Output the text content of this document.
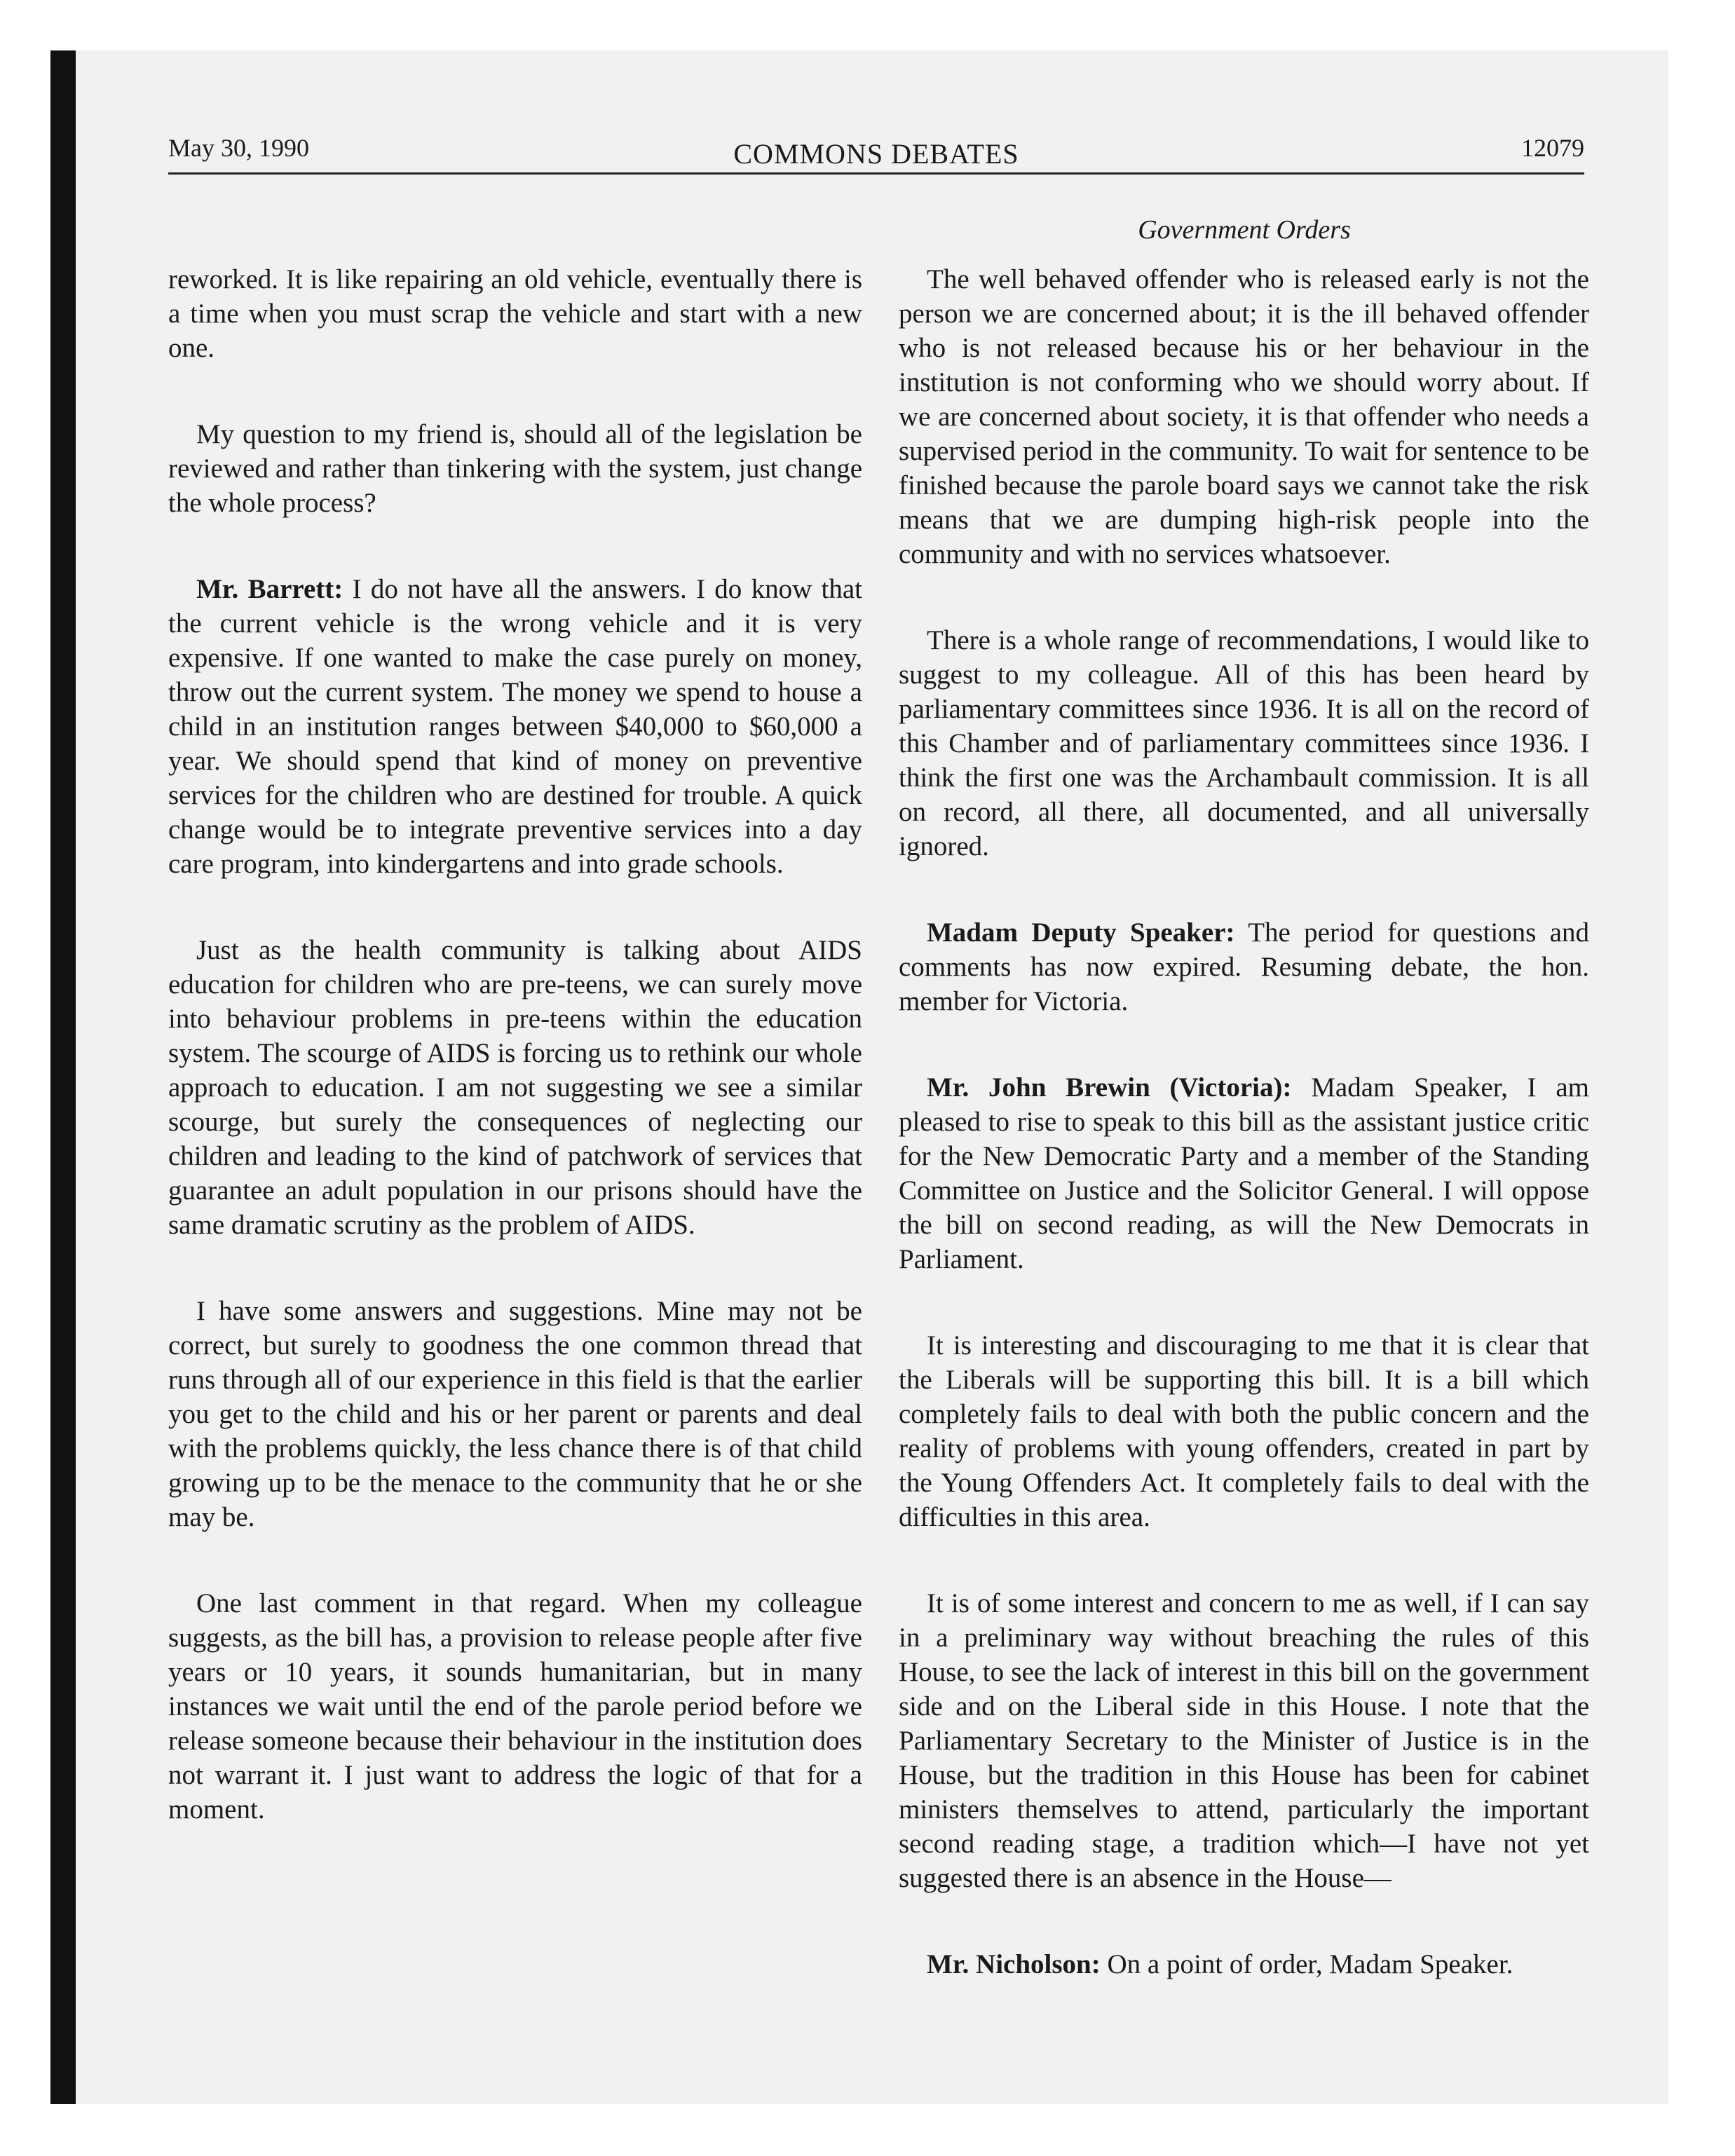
May 30, 1990	COMMONS DEBATES	12079
Government Orders

reworked. It is like repairing an old vehicle, eventually there is a time when you must scrap the vehicle and start with a new one.

My question to my friend is, should all of the legislation be reviewed and rather than tinkering with the system, just change the whole process?

Mr. Barrett: I do not have all the answers. I do know that the current vehicle is the wrong vehicle and it is very expensive. If one wanted to make the case purely on money, throw out the current system. The money we spend to house a child in an institution ranges between $40,000 to $60,000 a year. We should spend that kind of money on preventive services for the children who are destined for trouble. A quick change would be to integrate preventive services into a day care program, into kindergartens and into grade schools.

Just as the health community is talking about AIDS education for children who are pre-teens, we can surely move into behaviour problems in pre-teens within the education system. The scourge of AIDS is forcing us to rethink our whole approach to education. I am not suggesting we see a similar scourge, but surely the consequences of neglecting our children and leading to the kind of patchwork of services that guarantee an adult population in our prisons should have the same dramatic scrutiny as the problem of AIDS.

I have some answers and suggestions. Mine may not be correct, but surely to goodness the one common thread that runs through all of our experience in this field is that the earlier you get to the child and his or her parent or parents and deal with the problems quickly, the less chance there is of that child growing up to be the menace to the community that he or she may be.

One last comment in that regard. When my colleague suggests, as the bill has, a provision to release people after five years or 10 years, it sounds humanitarian, but in many instances we wait until the end of the parole period before we release someone because their behaviour in the institution does not warrant it. I just want to address the logic of that for a moment.

The well behaved offender who is released early is not the person we are concerned about; it is the ill behaved offender who is not released because his or her behaviour in the institution is not conforming who we should worry about. If we are concerned about society, it is that offender who needs a supervised period in the community. To wait for sentence to be finished because the parole board says we cannot take the risk means that we are dumping high-risk people into the community and with no services whatsoever.

There is a whole range of recommendations, I would like to suggest to my colleague. All of this has been heard by parliamentary committees since 1936. It is all on the record of this Chamber and of parliamentary committees since 1936. I think the first one was the Archambault commission. It is all on record, all there, all documented, and all universally ignored.

Madam Deputy Speaker: The period for questions and comments has now expired. Resuming debate, the hon. member for Victoria.

Mr. John Brewin (Victoria): Madam Speaker, I am pleased to rise to speak to this bill as the assistant justice critic for the New Democratic Party and a member of the Standing Committee on Justice and the Solicitor General. I will oppose the bill on second reading, as will the New Democrats in Parliament.

It is interesting and discouraging to me that it is clear that the Liberals will be supporting this bill. It is a bill which completely fails to deal with both the public concern and the reality of problems with young offenders, created in part by the Young Offenders Act. It completely fails to deal with the difficulties in this area.

It is of some interest and concern to me as well, if I can say in a preliminary way without breaching the rules of this House, to see the lack of interest in this bill on the government side and on the Liberal side in this House. I note that the Parliamentary Secretary to the Minister of Justice is in the House, but the tradition in this House has been for cabinet ministers themselves to attend, particularly the important second reading stage, a tradition which—I have not yet suggested there is an absence in the House—

Mr. Nicholson: On a point of order, Madam Speaker.
